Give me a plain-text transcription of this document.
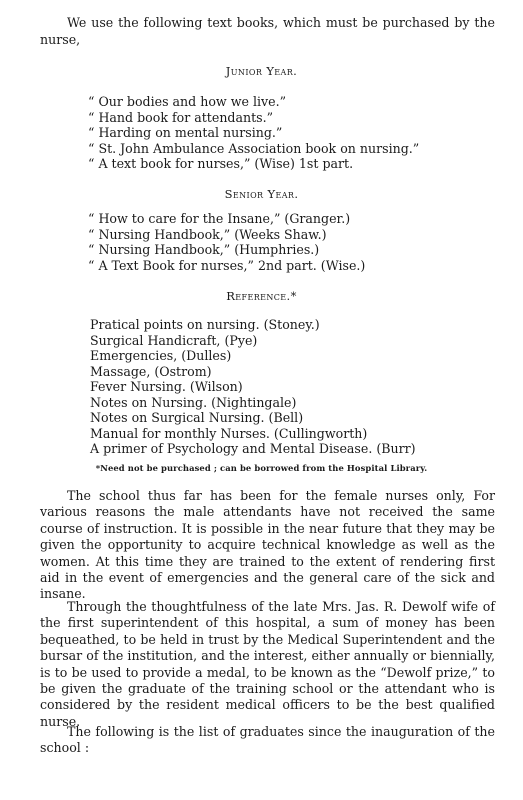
We use the following text books, which must be purchased by the nurse,

Junior Year.
“ Our bodies and how we live.”
“ Hand book for attendants.”
“ Harding on mental nursing.”
“ St. John Ambulance Association book on nursing.”
“ A text book for nurses,” (Wise) 1st part.
Senior Year.
“ How to care for the Insane,” (Granger.)
“ Nursing Handbook,” (Weeks Shaw.)
“ Nursing Handbook,” (Humphries.)
“ A Text Book for nurses,” 2nd part. (Wise.)
Reference.*
Pratical points on nursing. (Stoney.)
Surgical Handicraft, (Pye)
Emergencies, (Dulles)
Massage, (Ostrom)
Fever Nursing. (Wilson)
Notes on Nursing. (Nightingale)
Notes on Surgical Nursing. (Bell)
Manual for monthly Nurses. (Cullingworth)
A primer of Psychology and Mental Disease. (Burr)
*Need not be purchased ; can be borrowed from the Hospital Library.

The school thus far has been for the female nurses only, For various reasons the male attendants have not received the same course of instruction. It is possible in the near future that they may be given the opportunity to acquire technical knowledge as well as the women. At this time they are trained to the extent of rendering first aid in the event of emergencies and the general care of the sick and insane.

Through the thoughtfulness of the late Mrs. Jas. R. Dewolf wife of the first superintendent of this hospital, a sum of money has been bequeathed, to be held in trust by the Medical Superintendent and the bursar of the institution, and the interest, either annually or biennially, is to be used to provide a medal, to be known as the “Dewolf prize,” to be given the graduate of the training school or the attendant who is considered by the resident medical officers to be the best qualified nurse.

The following is the list of graduates since the inauguration of the school :
